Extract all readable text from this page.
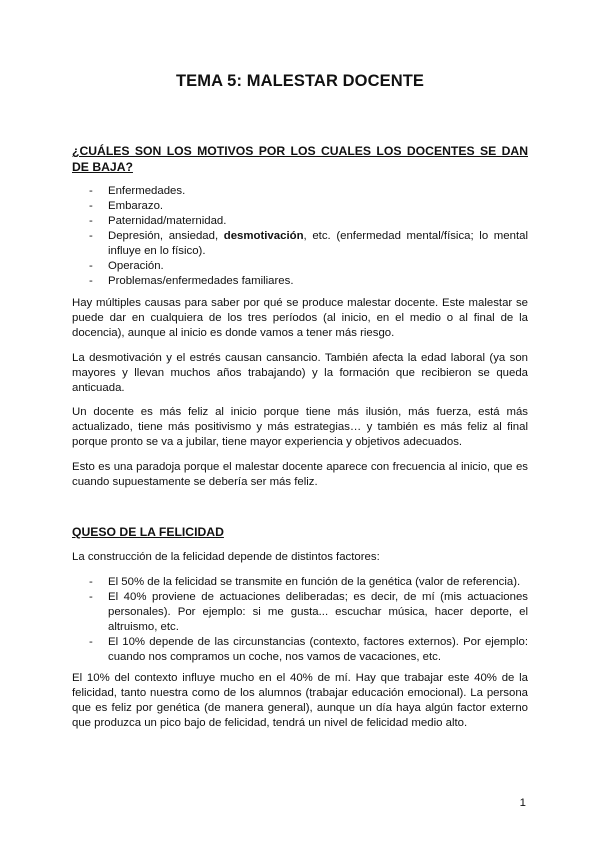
TEMA 5: MALESTAR DOCENTE
¿CUÁLES SON LOS MOTIVOS POR LOS CUALES LOS DOCENTES SE DAN DE BAJA?
- Enfermedades.
- Embarazo.
- Paternidad/maternidad.
- Depresión, ansiedad, desmotivación, etc. (enfermedad mental/física; lo mental influye en lo físico).
- Operación.
- Problemas/enfermedades familiares.

Hay múltiples causas para saber por qué se produce malestar docente. Este malestar se puede dar en cualquiera de los tres períodos (al inicio, en el medio o al final de la docencia), aunque al inicio es donde vamos a tener más riesgo.

La desmotivación y el estrés causan cansancio. También afecta la edad laboral (ya son mayores y llevan muchos años trabajando) y la formación que recibieron se queda anticuada.

Un docente es más feliz al inicio porque tiene más ilusión, más fuerza, está más actualizado, tiene más positivismo y más estrategias… y también es más feliz al final porque pronto se va a jubilar, tiene mayor experiencia y objetivos adecuados.

Esto es una paradoja porque el malestar docente aparece con frecuencia al inicio, que es cuando supuestamente se debería ser más feliz.

QUESO DE LA FELICIDAD

La construcción de la felicidad depende de distintos factores:

- El 50% de la felicidad se transmite en función de la genética (valor de referencia).
- El 40% proviene de actuaciones deliberadas; es decir, de mí (mis actuaciones personales). Por ejemplo: si me gusta... escuchar música, hacer deporte, el altruismo, etc.
- El 10% depende de las circunstancias (contexto, factores externos). Por ejemplo: cuando nos compramos un coche, nos vamos de vacaciones, etc.

El 10% del contexto influye mucho en el 40% de mí. Hay que trabajar este 40% de la felicidad, tanto nuestra como de los alumnos (trabajar educación emocional). La persona que es feliz por genética (de manera general), aunque un día haya algún factor externo que produzca un pico bajo de felicidad, tendrá un nivel de felicidad medio alto.

1
